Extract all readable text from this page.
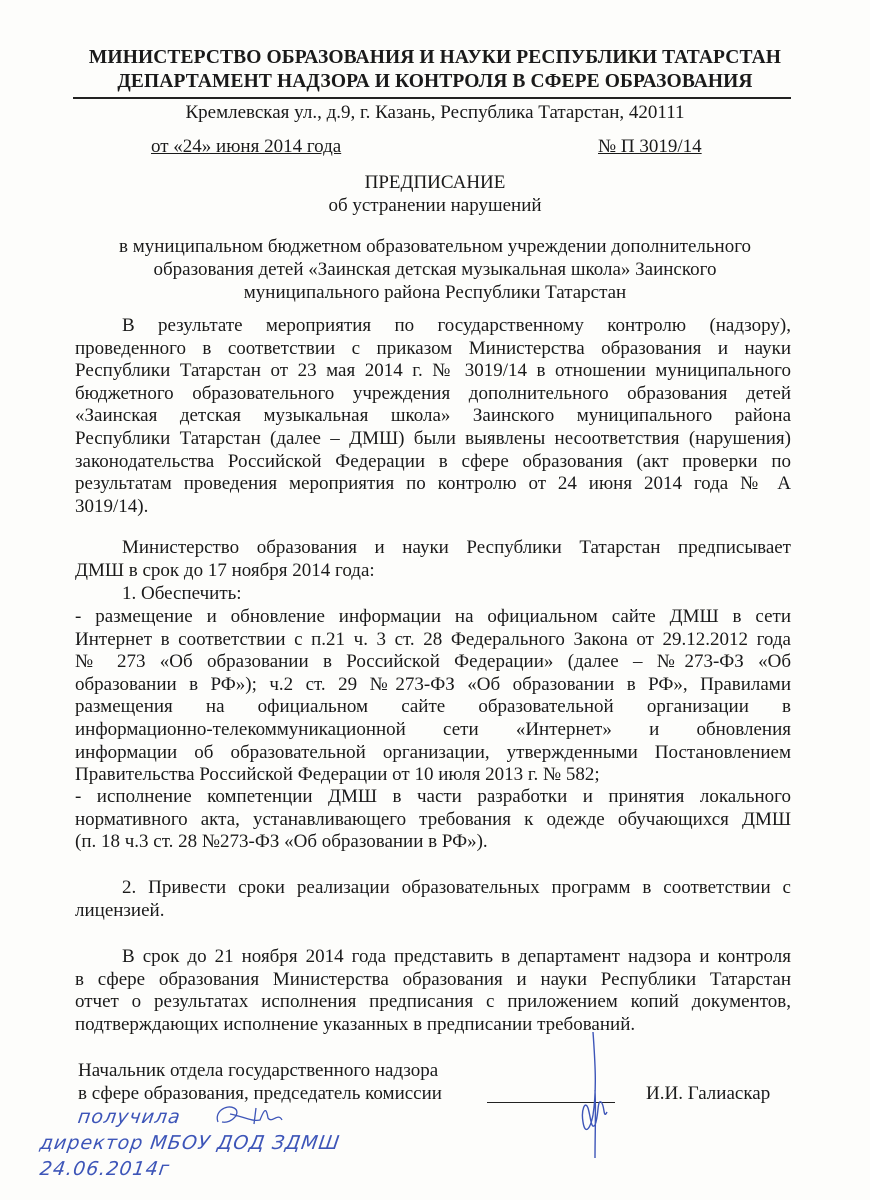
МИНИСТЕРСТВО ОБРАЗОВАНИЯ И НАУКИ РЕСПУБЛИКИ ТАТАРСТАН
ДЕПАРТАМЕНТ НАДЗОРА И КОНТРОЛЯ В СФЕРЕ ОБРАЗОВАНИЯ
Кремлевская ул., д.9, г. Казань, Республика Татарстан, 420111
от «24» июня 2014 года	№ П 3019/14
ПРЕДПИСАНИЕ
об устранении нарушений
в муниципальном бюджетном образовательном учреждении дополнительного
образования детей «Заинская детская музыкальная школа» Заинского
муниципального района Республики Татарстан
В результате мероприятия по государственному контролю (надзору),
проведенного в соответствии с приказом Министерства образования и науки
Республики Татарстан от 23 мая 2014 г. № 3019/14 в отношении муниципального
бюджетного образовательного учреждения дополнительного образования детей
«Заинская детская музыкальная школа» Заинского муниципального района
Республики Татарстан (далее – ДМШ) были выявлены несоответствия (нарушения)
законодательства Российской Федерации в сфере образования (акт проверки по
результатам проведения мероприятия по контролю от 24 июня 2014 года № А
3019/14).
Министерство образования и науки Республики Татарстан предписывает
ДМШ в срок до 17 ноября 2014 года:
1. Обеспечить:
- размещение и обновление информации на официальном сайте ДМШ в сети
Интернет в соответствии с п.21 ч. 3 ст. 28 Федерального Закона от 29.12.2012 года
№ 273 «Об образовании в Российской Федерации» (далее – №273-ФЗ «Об
образовании в РФ»); ч.2 ст. 29 №273-ФЗ «Об образовании в РФ», Правилами
размещения на официальном сайте образовательной организации в
информационно-телекоммуникационной сети «Интернет» и обновления
информации об образовательной организации, утвержденными Постановлением
Правительства Российской Федерации от 10 июля 2013 г. № 582;
- исполнение компетенции ДМШ в части разработки и принятия локального
нормативного акта, устанавливающего требования к одежде обучающихся ДМШ
(п. 18 ч.3 ст. 28 №273-ФЗ «Об образовании в РФ»).
2. Привести сроки реализации образовательных программ в соответствии с
лицензией.
В срок до 21 ноября 2014 года представить в департамент надзора и контроля
в сфере образования Министерства образования и науки Республики Татарстан
отчет о результатах исполнения предписания с приложением копий документов,
подтверждающих исполнение указанных в предписании требований.
Начальник отдела государственного надзора
в сфере образования, председатель комиссии	И.И. Галиаскар
получила
директор МБОУ ДОД ЗДМШ
24.06.2014г
